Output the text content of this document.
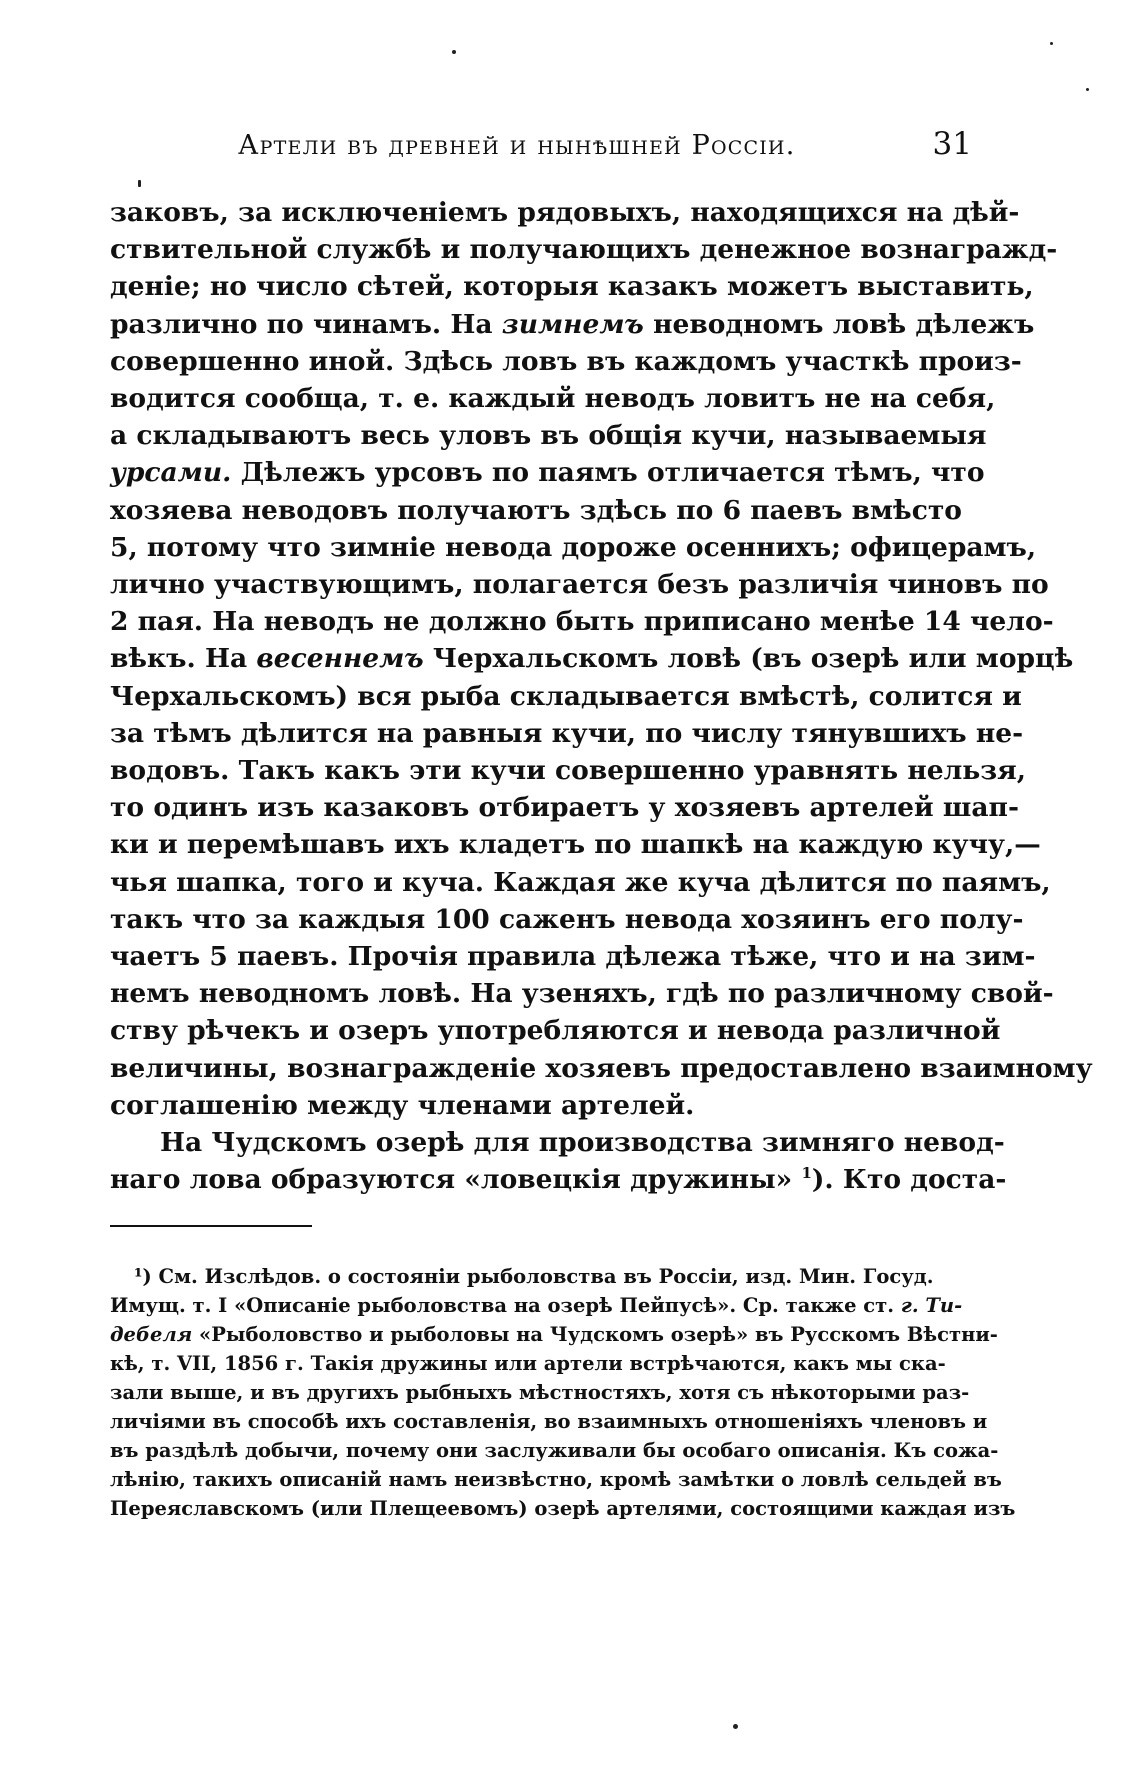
Артели въ древней и нынѣшней Россіи.	31
заковъ, за исключеніемъ рядовыхъ, находящихся на дѣй-
ствительной службѣ и получающихъ денежное вознагражд-
деніе; но число сѣтей, которыя казакъ можетъ выставить,
различно по чинамъ. На зимнемъ неводномъ ловѣ дѣлежъ
совершенно иной. Здѣсь ловъ въ каждомъ участкѣ произ-
водится сообща, т. е. каждый неводъ ловитъ не на себя,
а складываютъ весь уловъ въ общія кучи, называемыя
урсами. Дѣлежъ урсовъ по паямъ отличается тѣмъ, что
хозяева неводовъ получаютъ здѣсь по 6 паевъ вмѣсто
5, потому что зимніе невода дороже осеннихъ; офицерамъ,
лично участвующимъ, полагается безъ различія чиновъ по
2 пая. На неводъ не должно быть приписано менѣе 14 чело-
вѣкъ. На весеннемъ Черхальскомъ ловѣ (въ озерѣ или морцѣ
Черхальскомъ) вся рыба складывается вмѣстѣ, солится и
за тѣмъ дѣлится на равныя кучи, по числу тянувшихъ не-
водовъ. Такъ какъ эти кучи совершенно уравнять нельзя,
то одинъ изъ казаковъ отбираетъ у хозяевъ артелей шап-
ки и перемѣшавъ ихъ кладетъ по шапкѣ на каждую кучу,—
чья шапка, того и куча. Каждая же куча дѣлится по паямъ,
такъ что за каждыя 100 саженъ невода хозяинъ его полу-
чаетъ 5 паевъ. Прочія правила дѣлежа тѣже, что и на зим-
немъ неводномъ ловѣ. На узеняхъ, гдѣ по различному свой-
ству рѣчекъ и озеръ употребляются и невода различной
величины, вознагражденіе хозяевъ предоставлено взаимному
соглашенію между членами артелей.
На Чудскомъ озерѣ для производства зимняго невод-
наго лова образуются «ловецкія дружины» $^1$). Кто доста-
¹) См. Изслѣдов. о состояніи рыболовства въ Россіи, изд. Мин. Госуд.
Имущ. т. I «Описаніе рыболовства на озерѣ Пейпусѣ». Ср. также ст. г. Ти-
дебеля «Рыболовство и рыболовы на Чудскомъ озерѣ» въ Русскомъ Вѣстни-
кѣ, т. VII, 1856 г. Такія дружины или артели встрѣчаются, какъ мы ска-
зали выше, и въ другихъ рыбныхъ мѣстностяхъ, хотя съ нѣкоторыми раз-
личіями въ способѣ ихъ составленія, во взаимныхъ отношеніяхъ членовъ и
въ раздѣлѣ добычи, почему они заслуживали бы особаго описанія. Къ сожа-
лѣнію, такихъ описаній намъ неизвѣстно, кромѣ замѣтки о ловлѣ сельдей въ
Переяславскомъ (или Плещеевомъ) озерѣ артелями, состоящими каждая изъ
